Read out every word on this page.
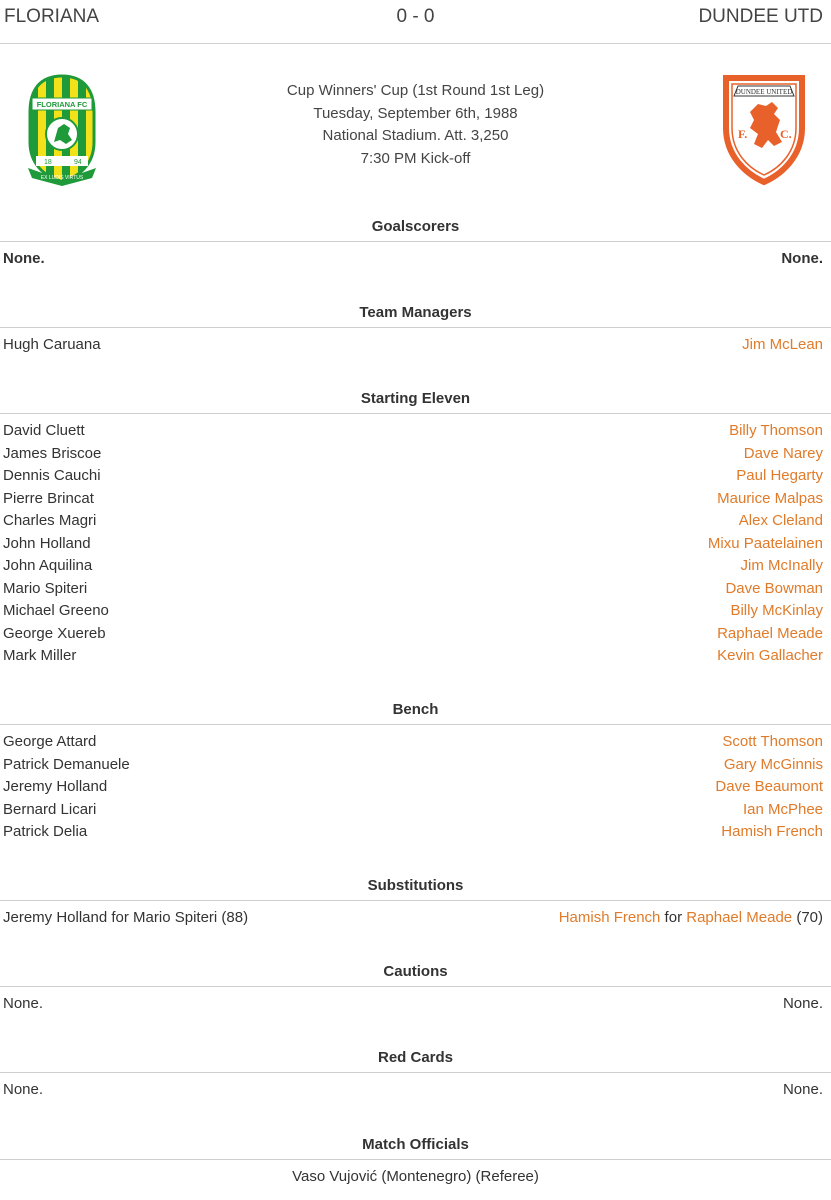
FLORIANA	0 - 0	DUNDEE UTD
FLORIANA FC
18	94
EX LUDIS VIRTUS
Cup Winners' Cup (1st Round 1st Leg)
Tuesday, September 6th, 1988
National Stadium. Att. 3,250
7:30 PM Kick-off
DUNDEE UNITED
F.	C.
Goalscorers
None.	None.
Team Managers
Hugh Caruana	Jim McLean
Starting Eleven
David Cluett	Billy Thomson
James Briscoe	Dave Narey
Dennis Cauchi	Paul Hegarty
Pierre Brincat	Maurice Malpas
Charles Magri	Alex Cleland
John Holland	Mixu Paatelainen
John Aquilina	Jim McInally
Mario Spiteri	Dave Bowman
Michael Greeno	Billy McKinlay
George Xuereb	Raphael Meade
Mark Miller	Kevin Gallacher
Bench
George Attard	Scott Thomson
Patrick Demanuele	Gary McGinnis
Jeremy Holland	Dave Beaumont
Bernard Licari	Ian McPhee
Patrick Delia	Hamish French
Substitutions
Jeremy Holland for Mario Spiteri (88)	Hamish French for Raphael Meade (70)
Cautions
None.	None.
Red Cards
None.	None.
Match Officials
Vaso Vujović (Montenegro) (Referee)
